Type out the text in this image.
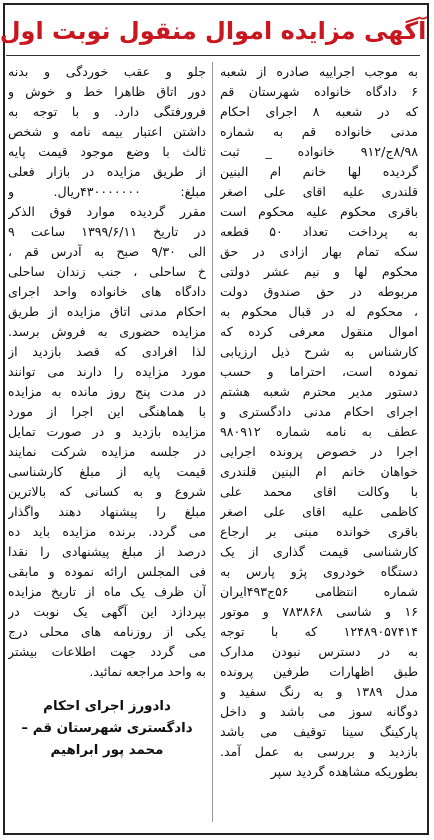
آگهی مزایده اموال منقول نوبت اول
به موجب اجراییه صادره از شعبه
۶ دادگاه خانواده شهرستان قم
که در شعبه ۸ اجرای احکام
مدنی خانواده قم به شماره
۸/۹۸ج/۹۱۲ خانواده _ ثبت
گردیده لها خانم ام البنین
قلندری علیه اقای علی اصغر
باقری محکوم علیه محکوم است
به پرداخت تعداد ۵۰ قطعه
سکه تمام بهار ازادی در حق
محکوم لها و نیم عشر دولتی
مربوطه در حق صندوق دولت
، محکوم له در قبال محکوم به
اموال منقول معرفی کرده که
کارشناس به شرح ذیل ارزیابی
نموده است، احتراما و حسب
دستور مدیر محترم شعبه هشتم
اجرای احکام مدنی دادگستری و
عطف به نامه شماره ۹۸۰۹۱۲
اجرا در خصوص پرونده اجرایی
خواهان خانم ام البنین قلندری
با وکالت اقای محمد علی
کاظمی علیه اقای علی اصغر
باقری خوانده مبنی بر ارجاع
کارشناسی قیمت گذاری از یک
دستگاه خودروی پژو پارس به
شماره انتظامی ۵۶ج۴۹۳ایران
۱۶ و شاسی ۷۸۳۸۶۸ و موتور
۱۲۴۸۹۰۵۷۴۱۴ که با توجه
به در دسترس نبودن مدارک
طبق اظهارات طرفین پرونده
مدل ۱۳۸۹ و به رنگ سفید و
دوگانه سوز می باشد و داخل
پارکینگ سینا توقیف می باشد
بازدید و بررسی به عمل آمد.
بطوریکه مشاهده گردید سپر
جلو و عقب خوردگی و بدنه
دور اتاق ظاهرا خط و خوش و
فرورفتگی دارد. و با توجه به
داشتن اعتبار بیمه نامه و شخص
ثالث با وضع موجود قیمت پایه
از طریق مزایده در بازار فعلی
مبلغ: ۴۳۰۰۰۰۰۰۰ریال. و
مقرر گردیده موارد فوق الذکر
در تاریخ ۱۳۹۹/۶/۱۱ ساعت ۹
الی ۹/۳۰ صبح به آدرس قم ،
خ ساحلی ، جنب زندان ساحلی
دادگاه های خانواده واحد اجرای
احکام مدنی اتاق مزایده از طریق
مزایده حضوری به فروش برسد.
لذا افرادی که قصد بازدید از
مورد مزایده را دارند می توانند
در مدت پنج روز مانده به مزایده
با هماهنگی این اجرا از مورد
مزایده بازدید و در صورت تمایل
در جلسه مزایده شرکت نمایند
قیمت پایه از مبلغ کارشناسی
شروع و به کسانی که بالاترین
مبلغ را پیشنهاد دهند واگذار
می گردد. برنده مزایده باید ده
درصد از مبلغ پیشنهادی را نقدا
فی المجلس ارائه نموده و مابقی
آن ظرف یک ماه از تاریخ مزایده
بپردازد این آگهی یک نوبت در
یکی از روزنامه های محلی درج
می گردد جهت اطلاعات بیشتر
به واحد مراجعه نمائید.
دادورز اجرای احکام
دادگستری شهرستان قم –
محمد پور ابراهیم
